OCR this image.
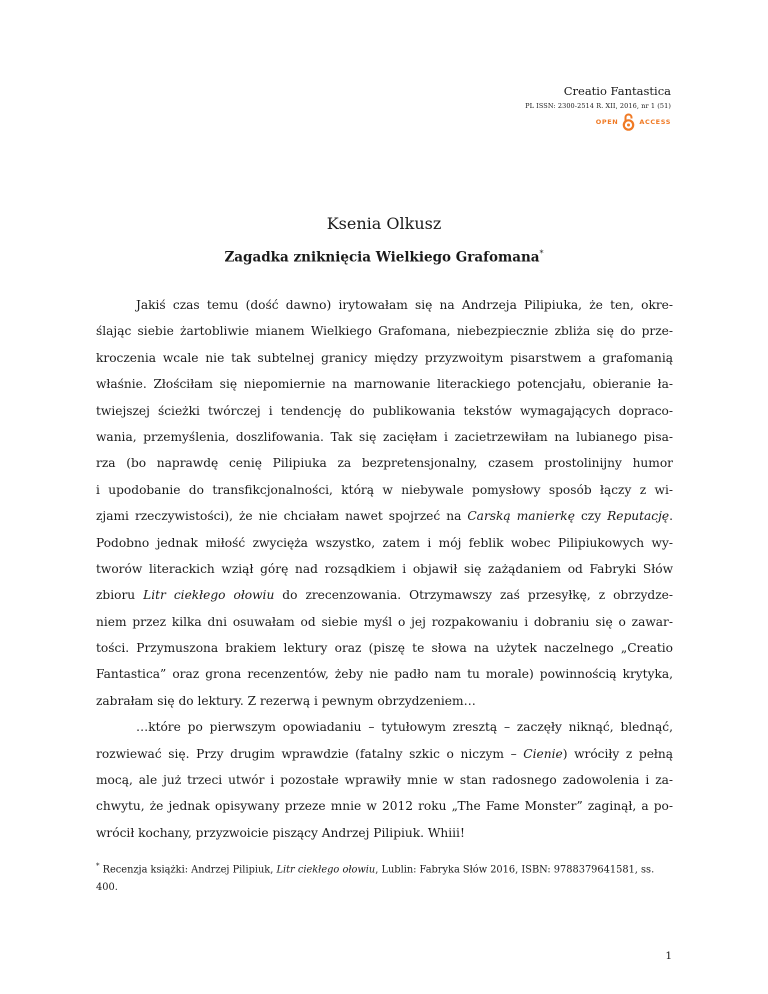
Creatio Fantastica
PL ISSN: 2300-2514 R. XII, 2016, nr 1 (51)
OPEN	ACCESS
Ksenia Olkusz
Zagadka zniknięcia Wielkiego Grafomana*
Jakiś czas temu (dość dawno) irytowałam się na Andrzeja Pilipiuka, że ten, okre-
ślając siebie żartobliwie mianem Wielkiego Grafomana, niebezpiecznie zbliża się do prze-
kroczenia wcale nie tak subtelnej granicy między przyzwoitym pisarstwem a grafomanią
właśnie. Złościłam się niepomiernie na marnowanie literackiego potencjału, obieranie ła-
twiejszej ścieżki twórczej i tendencję do publikowania tekstów wymagających dopraco-
wania, przemyślenia, doszlifowania. Tak się zacięłam i zacietrzewiłam na lubianego pisa-
rza (bo naprawdę cenię Pilipiuka za bezpretensjonalny, czasem prostolinijny humor
i upodobanie do transfikcjonalności, którą w niebywale pomysłowy sposób łączy z wi-
zjami rzeczywistości), że nie chciałam nawet spojrzeć na Carską manierkę czy Reputację.
Podobno jednak miłość zwycięża wszystko, zatem i mój feblik wobec Pilipiukowych wy-
tworów literackich wziął górę nad rozsądkiem i objawił się zażądaniem od Fabryki Słów
zbioru Litr ciekłego ołowiu do zrecenzowania. Otrzymawszy zaś przesyłkę, z obrzydze-
niem przez kilka dni osuwałam od siebie myśl o jej rozpakowaniu i dobraniu się o zawar-
tości. Przymuszona brakiem lektury oraz (piszę te słowa na użytek naczelnego „Creatio
Fantastica” oraz grona recenzentów, żeby nie padło nam tu morale) powinnością krytyka,
zabrałam się do lektury. Z rezerwą i pewnym obrzydzeniem…
…które po pierwszym opowiadaniu – tytułowym zresztą – zaczęły niknąć, blednąć,
rozwiewać się. Przy drugim wprawdzie (fatalny szkic o niczym – Cienie) wróciły z pełną
mocą, ale już trzeci utwór i pozostałe wprawiły mnie w stan radosnego zadowolenia i za-
chwytu, że jednak opisywany przeze mnie w 2012 roku „The Fame Monster” zaginął, a po-
wrócił kochany, przyzwoicie piszący Andrzej Pilipiuk. Whiii!
* Recenzja książki: Andrzej Pilipiuk, Litr ciekłego ołowiu, Lublin: Fabryka Słów 2016, ISBN: 9788379641581, ss. 400.
1
